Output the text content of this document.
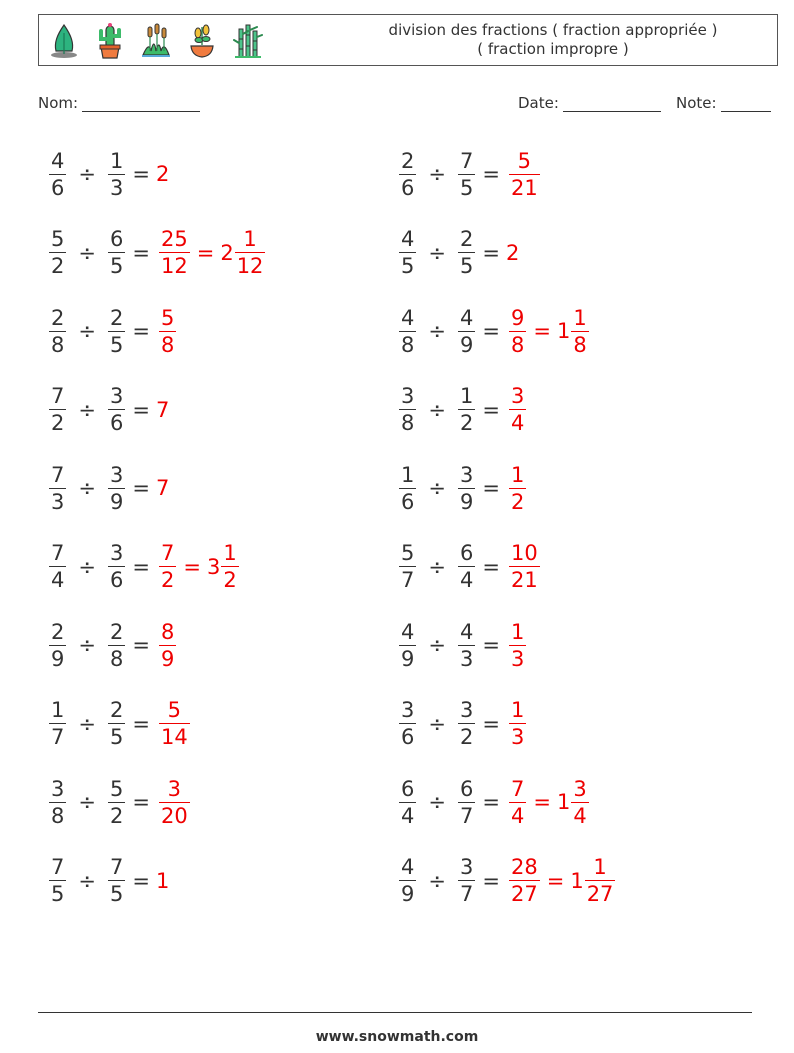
division des fractions ( fraction appropriée )
( fraction impropre )
Nom:	Date:	Note:
$\frac{4}{6} \div \frac{1}{3} = 2$	$\frac{2}{6} \div \frac{7}{5} = \frac{5}{21}$
$\frac{5}{2} \div \frac{6}{5} = \frac{25}{12} = 2 \frac{1}{12}$	$\frac{4}{5} \div \frac{2}{5} = 2$
$\frac{2}{8} \div \frac{2}{5} = \frac{5}{8}$	$\frac{4}{8} \div \frac{4}{9} = \frac{9}{8} = 1 \frac{1}{8}$
$\frac{7}{2} \div \frac{3}{6} = 7$	$\frac{3}{8} \div \frac{1}{2} = \frac{3}{4}$
$\frac{7}{3} \div \frac{3}{9} = 7$	$\frac{1}{6} \div \frac{3}{9} = \frac{1}{2}$
$\frac{7}{4} \div \frac{3}{6} = \frac{7}{2} = 3 \frac{1}{2}$	$\frac{5}{7} \div \frac{6}{4} = \frac{10}{21}$
$\frac{2}{9} \div \frac{2}{8} = \frac{8}{9}$	$\frac{4}{9} \div \frac{4}{3} = \frac{1}{3}$
$\frac{1}{7} \div \frac{2}{5} = \frac{5}{14}$	$\frac{3}{6} \div \frac{3}{2} = \frac{1}{3}$
$\frac{3}{8} \div \frac{5}{2} = \frac{3}{20}$	$\frac{6}{4} \div \frac{6}{7} = \frac{7}{4} = 1 \frac{3}{4}$
$\frac{7}{5} \div \frac{7}{5} = 1$	$\frac{4}{9} \div \frac{3}{7} = \frac{28}{27} = 1 \frac{1}{27}$
www.snowmath.com
